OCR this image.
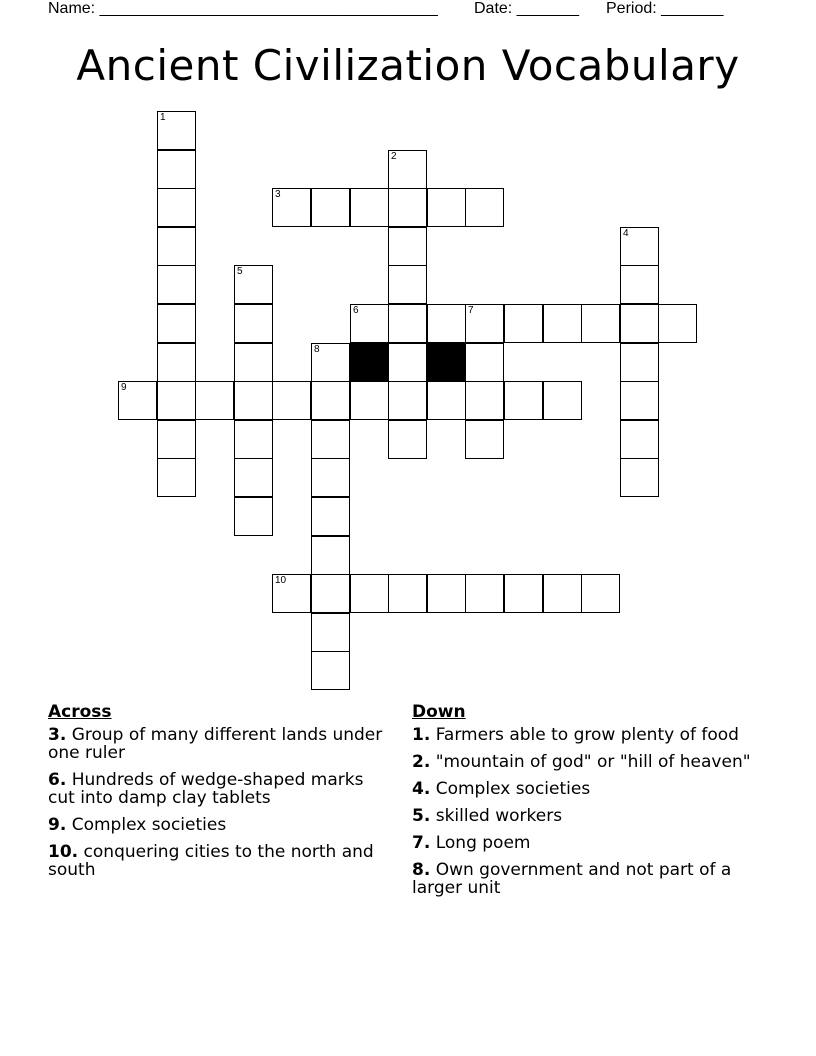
Name: ______________________________________ Date: _______ Period: _______
Ancient Civilization Vocabulary
1
2
3
4
5
6	7
8
9
10
Across
3. Group of many different lands under one ruler
6. Hundreds of wedge-shaped marks cut into damp clay tablets
9. Complex societies
10. conquering cities to the north and south
Down
1. Farmers able to grow plenty of food
2. "mountain of god" or "hill of heaven"
4. Complex societies
5. skilled workers
7. Long poem
8. Own government and not part of a larger unit
